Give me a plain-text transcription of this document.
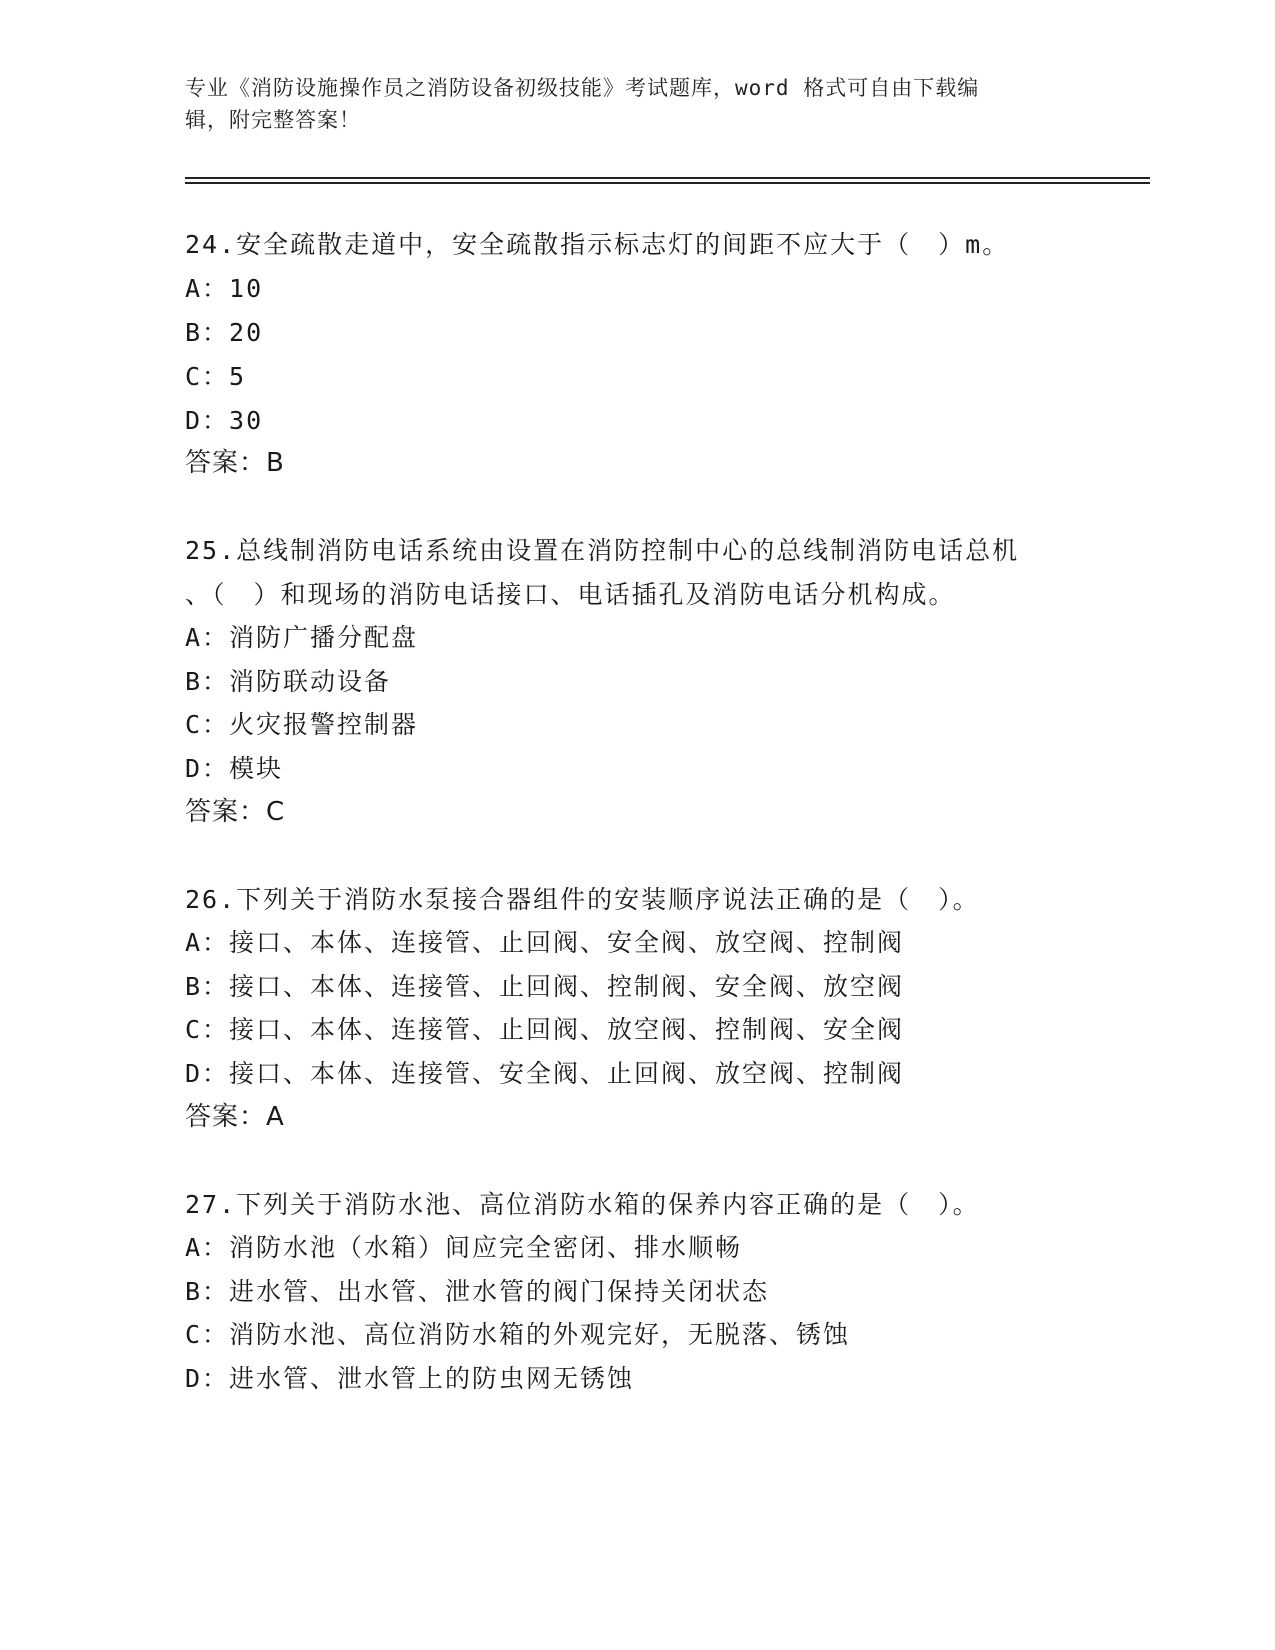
专业《消防设施操作员之消防设备初级技能》考试题库，word 格式可自由下载编
辑，附完整答案！
24.安全疏散走道中，安全疏散指示标志灯的间距不应大于（　）m。
A：10
B：20
C：5
D：30
答案：B
25.总线制消防电话系统由设置在消防控制中心的总线制消防电话总机
、（　）和现场的消防电话接口、电话插孔及消防电话分机构成。
A：消防广播分配盘
B：消防联动设备
C：火灾报警控制器
D：模块
答案：C
26.下列关于消防水泵接合器组件的安装顺序说法正确的是（　）。
A：接口、本体、连接管、止回阀、安全阀、放空阀、控制阀
B：接口、本体、连接管、止回阀、控制阀、安全阀、放空阀
C：接口、本体、连接管、止回阀、放空阀、控制阀、安全阀
D：接口、本体、连接管、安全阀、止回阀、放空阀、控制阀
答案：A
27.下列关于消防水池、高位消防水箱的保养内容正确的是（　）。
A：消防水池（水箱）间应完全密闭、排水顺畅
B：进水管、出水管、泄水管的阀门保持关闭状态
C：消防水池、高位消防水箱的外观完好，无脱落、锈蚀
D：进水管、泄水管上的防虫网无锈蚀
